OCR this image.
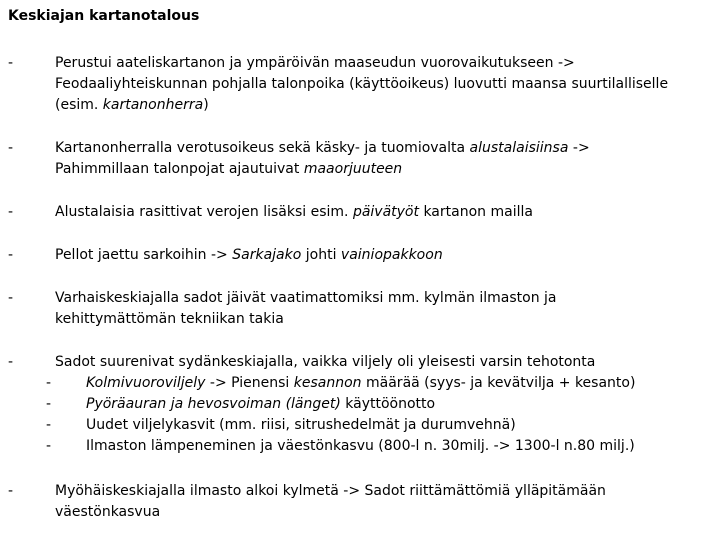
Keskiajan kartanotalous
-	Perustui aateliskartanon ja ympäröivän maaseudun vuorovaikutukseen ->
Feodaaliyhteiskunnan pohjalla talonpoika (käyttöoikeus) luovutti maansa suurtilalliselle
(esim. kartanonherra)
-	Kartanonherralla verotusoikeus sekä käsky- ja tuomiovalta alustalaisiinsa ->
Pahimmillaan talonpojat ajautuivat maaorjuuteen
-	Alustalaisia rasittivat verojen lisäksi esim. päivätyöt kartanon mailla
-	Pellot jaettu sarkoihin -> Sarkajako johti vainiopakkoon
-	Varhaiskeskiajalla sadot jäivät vaatimattomiksi mm. kylmän ilmaston ja
kehittymättömän tekniikan takia
-	Sadot suurenivat sydänkeskiajalla, vaikka viljely oli yleisesti varsin tehotonta
- Kolmivuoroviljely -> Pienensi kesannon määrää (syys- ja kevätvilja + kesanto)
- Pyöräauran ja hevosvoiman (länget) käyttöönotto
- Uudet viljelykasvit (mm. riisi, sitrushedelmät ja durumvehnä)
- Ilmaston lämpeneminen ja väestönkasvu (800-l n. 30milj. -> 1300-l n.80 milj.)
-	Myöhäiskeskiajalla ilmasto alkoi kylmetä -> Sadot riittämättömiä ylläpitämään
väestönkasvua
